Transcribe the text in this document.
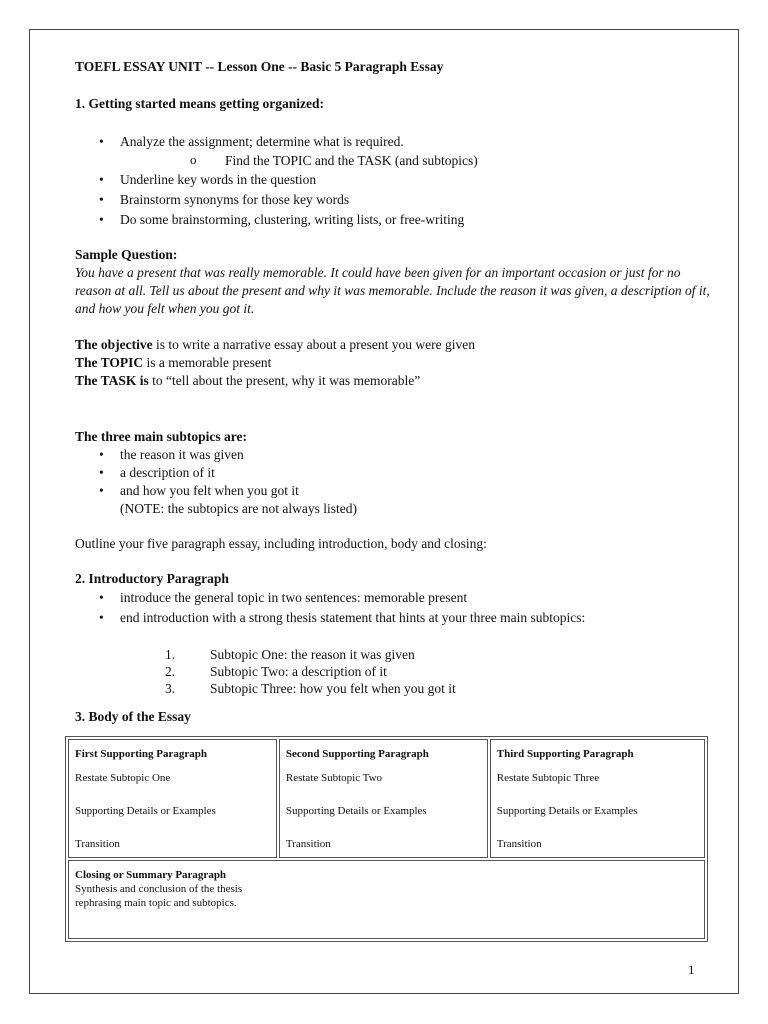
TOEFL ESSAY UNIT -- Lesson One -- Basic 5 Paragraph Essay
1. Getting started means getting organized:
• Analyze the assignment; determine what is required.
o Find the TOPIC and the TASK (and subtopics)
• Underline key words in the question
• Brainstorm synonyms for those key words
• Do some brainstorming, clustering, writing lists, or free-writing
Sample Question:
You have a present that was really memorable. It could have been given for an important occasion or just for no reason at all. Tell us about the present and why it was memorable. Include the reason it was given, a description of it, and how you felt when you got it.
The objective is to write a narrative essay about a present you were given
The TOPIC is a memorable present
The TASK is to “tell about the present, why it was memorable”
The three main subtopics are:
• the reason it was given
• a description of it
• and how you felt when you got it
(NOTE: the subtopics are not always listed)
Outline your five paragraph essay, including introduction, body and closing:
2. Introductory Paragraph
• introduce the general topic in two sentences: memorable present
• end introduction with a strong thesis statement that hints at your three main subtopics:
1.	Subtopic One: the reason it was given
2.	Subtopic Two: a description of it
3.	Subtopic Three: how you felt when you got it
3. Body of the Essay
First Supporting Paragraph
Restate Subtopic One
Supporting Details or Examples
Transition

Second Supporting Paragraph
Restate Subtopic Two
Supporting Details or Examples
Transition

Third Supporting Paragraph
Restate Subtopic Three
Supporting Details or Examples
Transition

Closing or Summary Paragraph
Synthesis and conclusion of the thesis
rephrasing main topic and subtopics.
1
